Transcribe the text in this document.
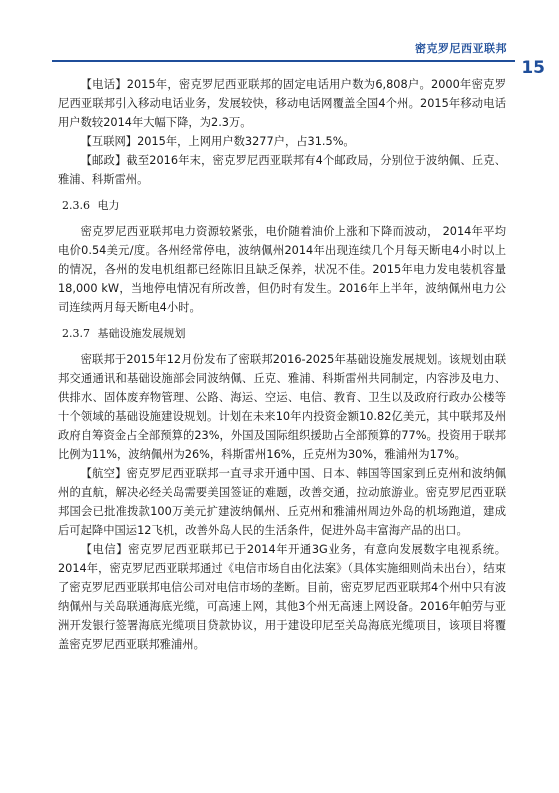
密克罗尼西亚联邦
15

【电话】2015年，密克罗尼西亚联邦的固定电话用户数为6,808户。2000年密克罗尼西亚联邦引入移动电话业务，发展较快，移动电话网覆盖全国4个州。2015年移动电话用户数较2014年大幅下降，为2.3万。

【互联网】2015年，上网用户数3277户，占31.5%。

【邮政】截至2016年末，密克罗尼西亚联邦有4个邮政局，分别位于波纳佩、丘克、雅浦、科斯雷州。

2.3.6 电力

密克罗尼西亚联邦电力资源较紧张，电价随着油价上涨和下降而波动， 2014年平均电价0.54美元/度。各州经常停电，波纳佩州2014年出现连续几个月每天断电4小时以上的情况，各州的发电机组都已经陈旧且缺乏保养，状况不佳。2015年电力发电装机容量18,000 kW，当地停电情况有所改善，但仍时有发生。2016年上半年，波纳佩州电力公司连续两月每天断电4小时。

2.3.7 基础设施发展规划

密联邦于2015年12月份发布了密联邦2016-2025年基础设施发展规划。该规划由联邦交通通讯和基础设施部会同波纳佩、丘克、雅浦、科斯雷州共同制定，内容涉及电力、供排水、固体废弃物管理、公路、海运、空运、电信、教育、卫生以及政府行政办公楼等十个领域的基础设施建设规划。计划在未来10年内投资金额10.82亿美元，其中联邦及州政府自筹资金占全部预算的23%，外国及国际组织援助占全部预算的77%。投资用于联邦比例为11%，波纳佩州为26%，科斯雷州16%，丘克州为30%，雅浦州为17%。

【航空】密克罗尼西亚联邦一直寻求开通中国、日本、韩国等国家到丘克州和波纳佩州的直航，解决必经关岛需要美国签证的难题，改善交通，拉动旅游业。密克罗尼西亚联邦国会已批准拨款100万美元扩建波纳佩州、丘克州和雅浦州周边外岛的机场跑道，建成后可起降中国运12飞机，改善外岛人民的生活条件，促进外岛丰富海产品的出口。

【电信】密克罗尼西亚联邦已于2014年开通3G业务，有意向发展数字电视系统。2014年，密克罗尼西亚联邦通过《电信市场自由化法案》（具体实施细则尚未出台），结束了密克罗尼西亚联邦电信公司对电信市场的垄断。目前，密克罗尼西亚联邦4个州中只有波纳佩州与关岛联通海底光缆，可高速上网，其他3个州无高速上网设备。2016年帕劳与亚洲开发银行签署海底光缆项目贷款协议，用于建设印尼至关岛海底光缆项目，该项目将覆盖密克罗尼西亚联邦雅浦州。
